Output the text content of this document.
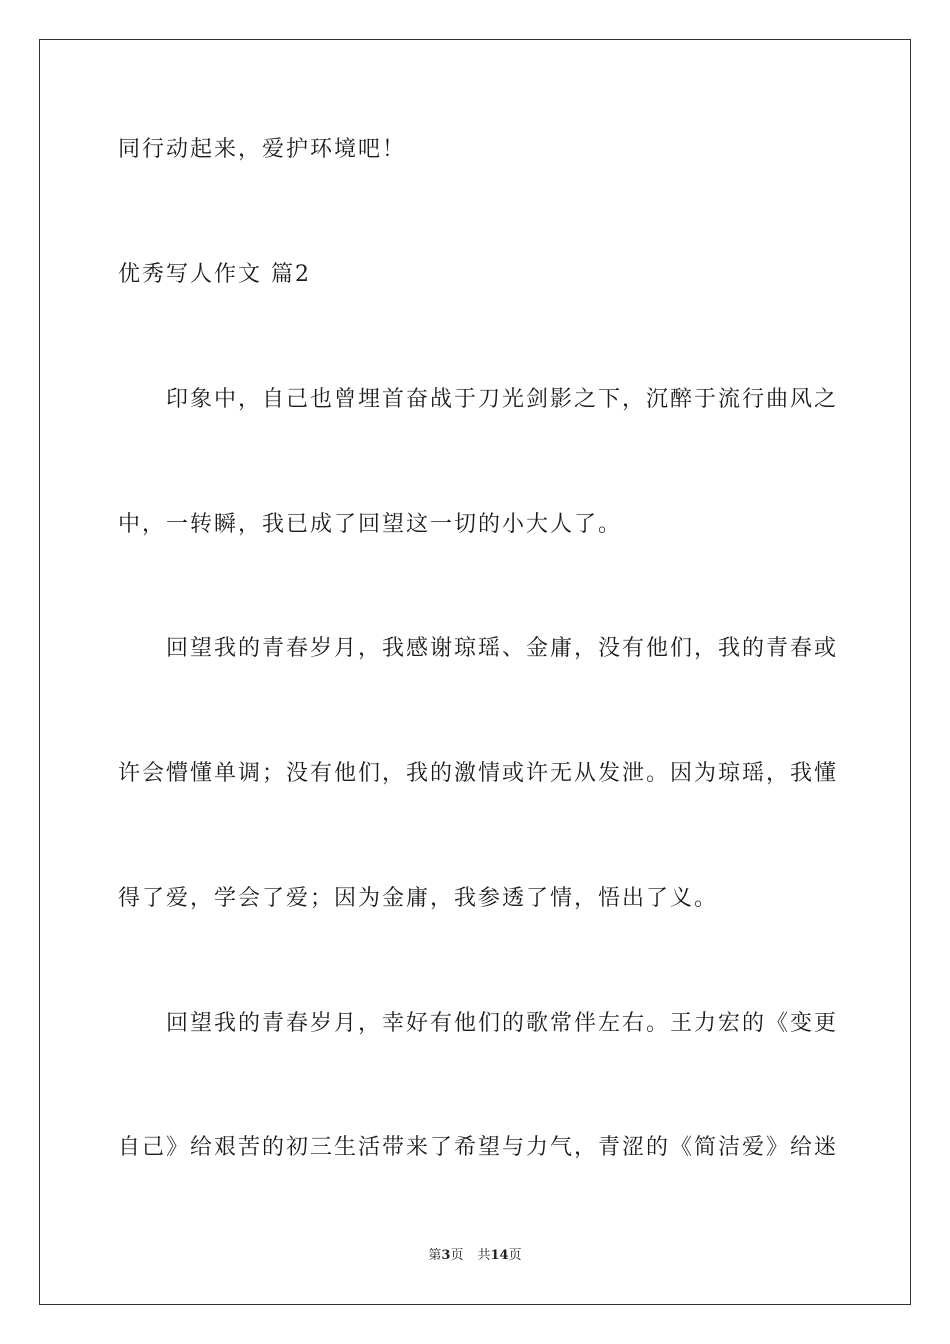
同行动起来，爱护环境吧！
优秀写人作文 篇2
印象中，自己也曾埋首奋战于刀光剑影之下，沉醉于流行曲风之
中，一转瞬，我已成了回望这一切的小大人了。
回望我的青春岁月，我感谢琼瑶、金庸，没有他们，我的青春或
许会懵懂单调；没有他们，我的激情或许无从发泄。因为琼瑶，我懂
得了爱，学会了爱；因为金庸，我参透了情，悟出了义。
回望我的青春岁月，幸好有他们的歌常伴左右。王力宏的《变更
自己》给艰苦的初三生活带来了希望与力气，青涩的《简洁爱》给迷
第3页 共14页
